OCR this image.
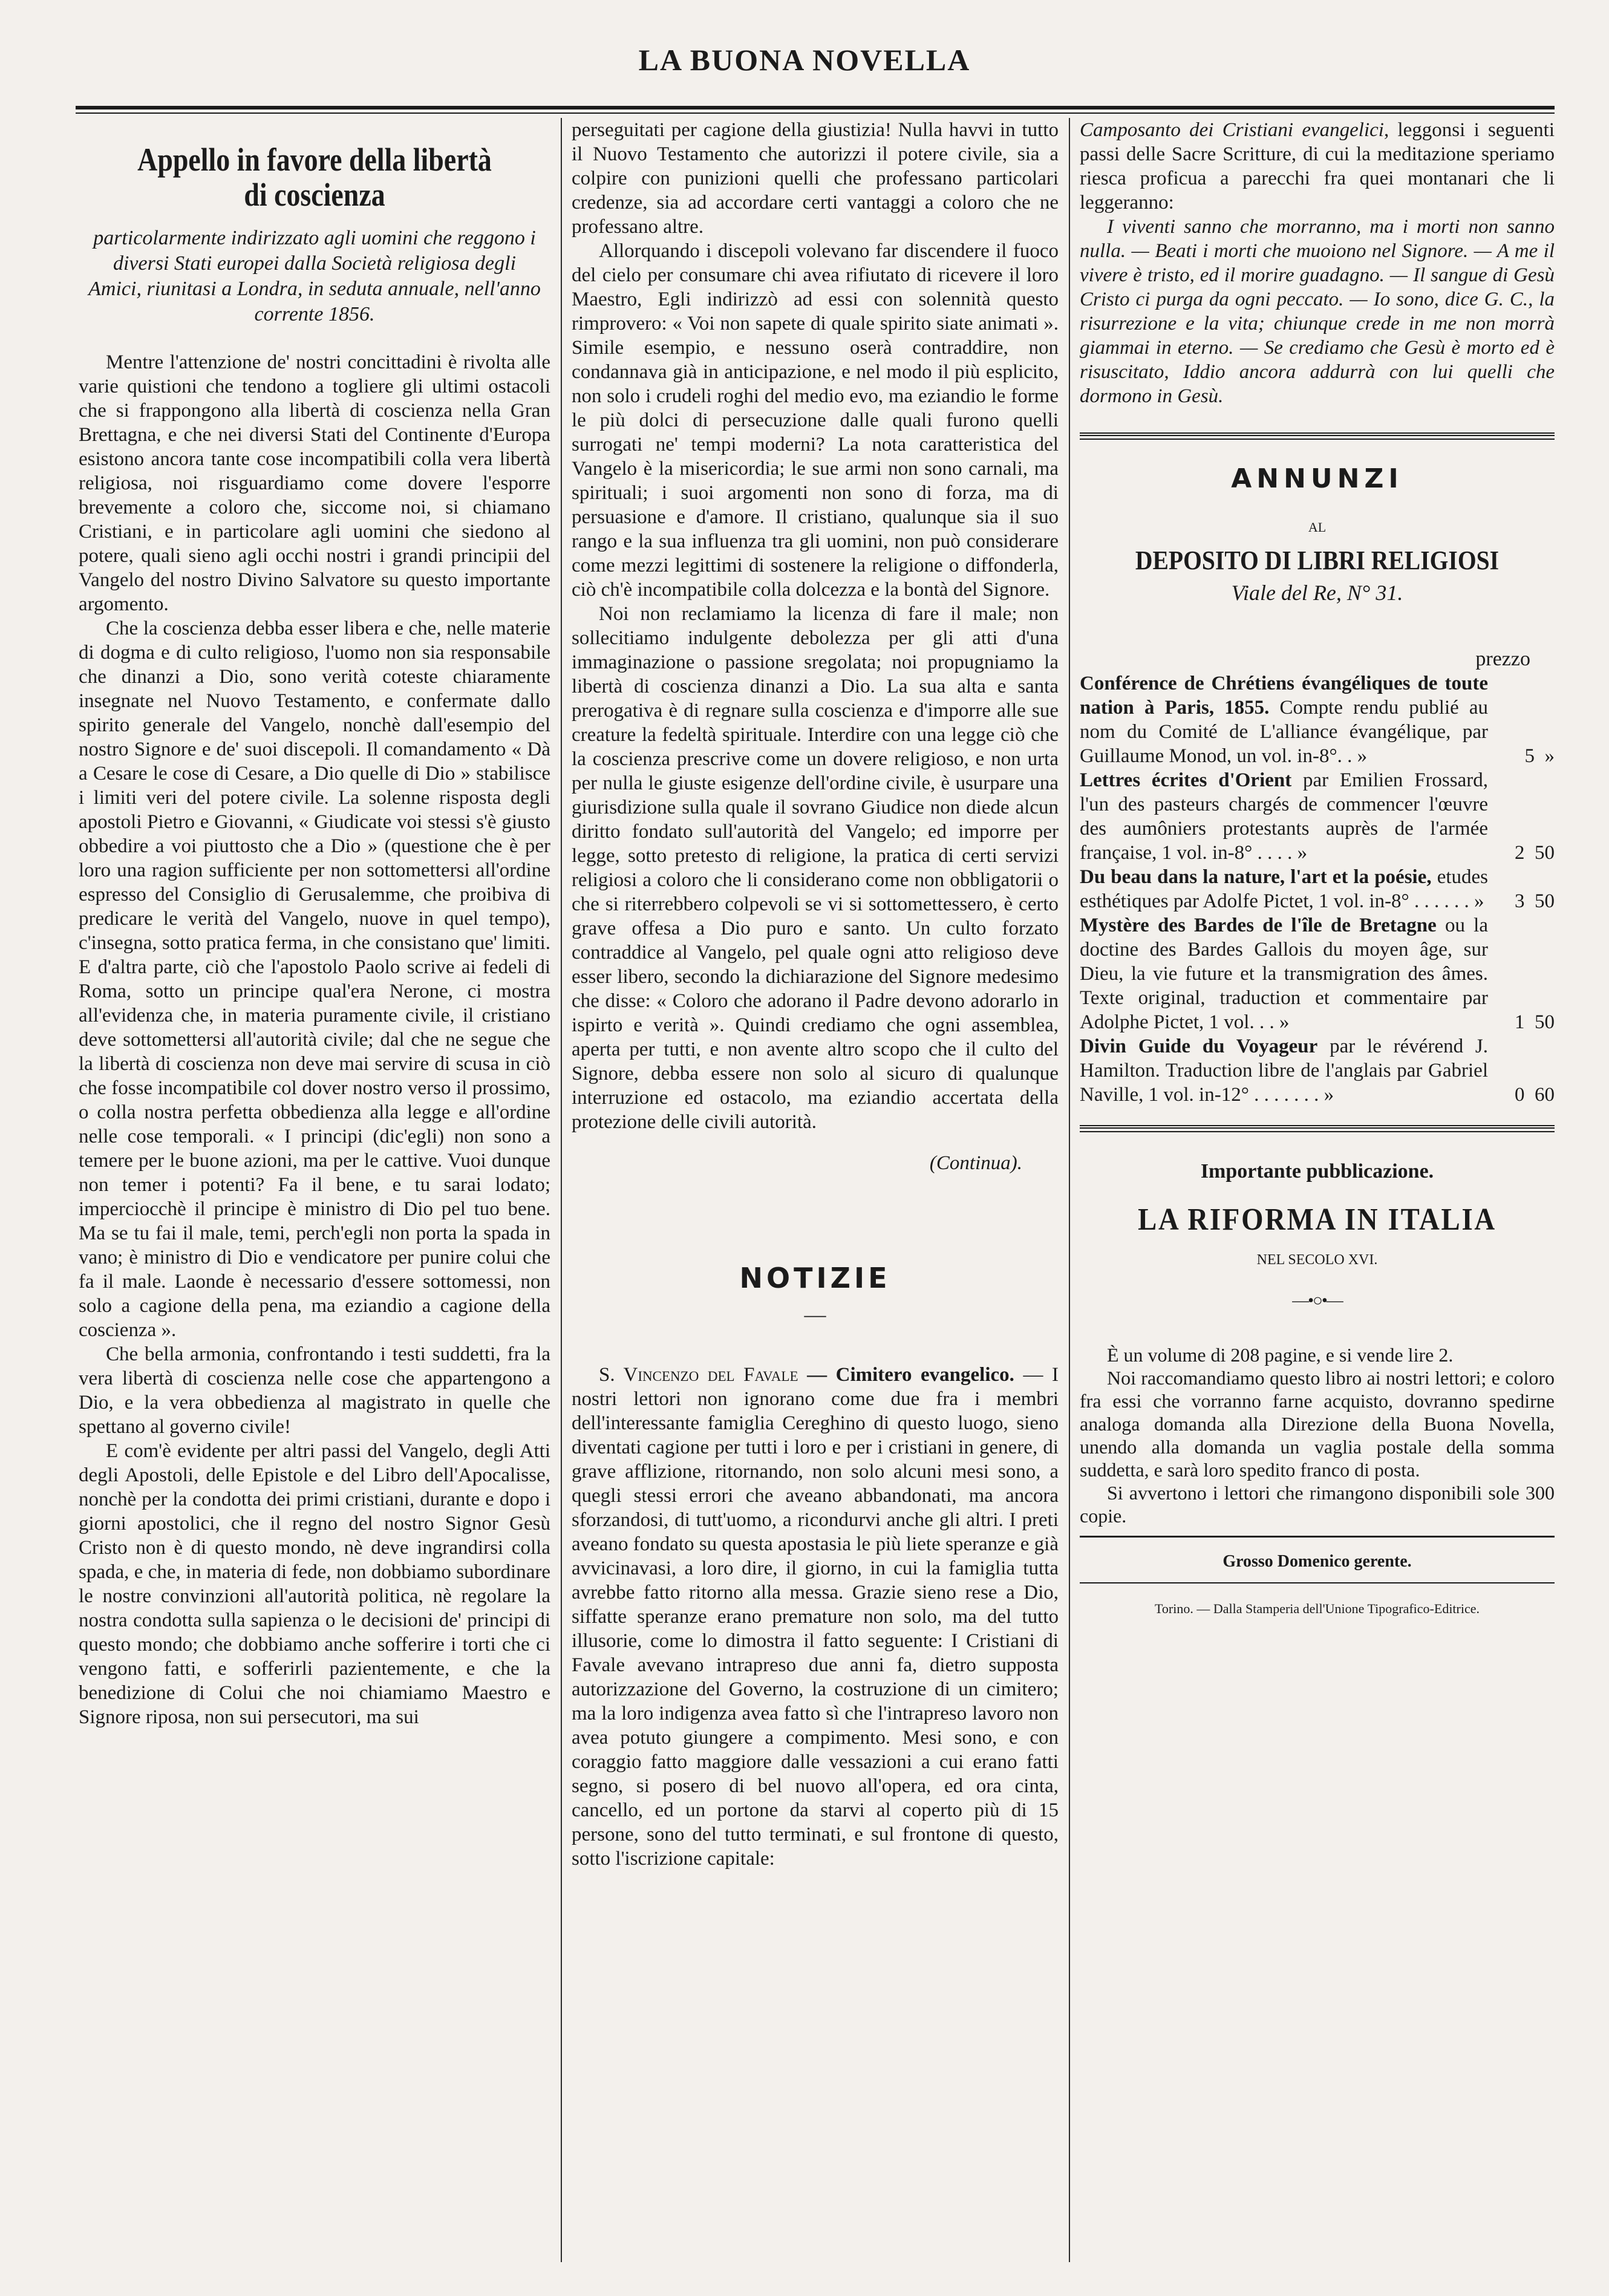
LA BUONA NOVELLA
Appello in favore della libertà
di coscienza
particolarmente indirizzato agli uomini che reggono i diversi Stati europei dalla Società religiosa degli Amici, riunitasi a Londra, in seduta annuale, nell'anno corrente 1856.

Mentre l'attenzione de' nostri concittadini è rivolta alle varie quistioni che tendono a togliere gli ultimi ostacoli che si frappongono alla libertà di coscienza nella Gran Brettagna, e che nei diversi Stati del Continente d'Europa esistono ancora tante cose incompatibili colla vera libertà religiosa, noi risguardiamo come dovere l'esporre brevemente a coloro che, siccome noi, si chiamano Cristiani, e in particolare agli uomini che siedono al potere, quali sieno agli occhi nostri i grandi principii del Vangelo del nostro Divino Salvatore su questo importante argomento.

Che la coscienza debba esser libera e che, nelle materie di dogma e di culto religioso, l'uomo non sia responsabile che dinanzi a Dio, sono verità coteste chiaramente insegnate nel Nuovo Testamento, e confermate dallo spirito generale del Vangelo, nonchè dall'esempio del nostro Signore e de' suoi discepoli. Il comandamento « Dà a Cesare le cose di Cesare, a Dio quelle di Dio » stabilisce i limiti veri del potere civile. La solenne risposta degli apostoli Pietro e Giovanni, « Giudicate voi stessi s'è giusto obbedire a voi piuttosto che a Dio » (questione che è per loro una ragion sufficiente per non sottomettersi all'ordine espresso del Consiglio di Gerusalemme, che proibiva di predicare le verità del Vangelo, nuove in quel tempo), c'insegna, sotto pratica ferma, in che consistano que' limiti. E d'altra parte, ciò che l'apostolo Paolo scrive ai fedeli di Roma, sotto un principe qual'era Nerone, ci mostra all'evidenza che, in materia puramente civile, il cristiano deve sottomettersi all'autorità civile; dal che ne segue che la libertà di coscienza non deve mai servire di scusa in ciò che fosse incompatibile col dover nostro verso il prossimo, o colla nostra perfetta obbedienza alla legge e all'ordine nelle cose temporali. « I principi (dic'egli) non sono a temere per le buone azioni, ma per le cattive. Vuoi dunque non temer i potenti? Fa il bene, e tu sarai lodato; imperciocchè il principe è ministro di Dio pel tuo bene. Ma se tu fai il male, temi, perch'egli non porta la spada in vano; è ministro di Dio e vendicatore per punire colui che fa il male. Laonde è necessario d'essere sottomessi, non solo a cagione della pena, ma eziandio a cagione della coscienza ».

Che bella armonia, confrontando i testi suddetti, fra la vera libertà di coscienza nelle cose che appartengono a Dio, e la vera obbedienza al magistrato in quelle che spettano al governo civile!

E com'è evidente per altri passi del Vangelo, degli Atti degli Apostoli, delle Epistole e del Libro dell'Apocalisse, nonchè per la condotta dei primi cristiani, durante e dopo i giorni apostolici, che il regno del nostro Signor Gesù Cristo non è di questo mondo, nè deve ingrandirsi colla spada, e che, in materia di fede, non dobbiamo subordinare le nostre convinzioni all'autorità politica, nè regolare la nostra condotta sulla sapienza o le decisioni de' principi di questo mondo; che dobbiamo anche sofferire i torti che ci vengono fatti, e sofferirli pazientemente, e che la benedizione di Colui che noi chiamiamo Maestro e Signore riposa, non sui persecutori, ma sui

perseguitati per cagione della giustizia! Nulla havvi in tutto il Nuovo Testamento che autorizzi il potere civile, sia a colpire con punizioni quelli che professano particolari credenze, sia ad accordare certi vantaggi a coloro che ne professano altre.

Allorquando i discepoli volevano far discendere il fuoco del cielo per consumare chi avea rifiutato di ricevere il loro Maestro, Egli indirizzò ad essi con solennità questo rimprovero: « Voi non sapete di quale spirito siate animati ». Simile esempio, e nessuno oserà contraddire, non condannava già in anticipazione, e nel modo il più esplicito, non solo i crudeli roghi del medio evo, ma eziandio le forme le più dolci di persecuzione dalle quali furono quelli surrogati ne' tempi moderni? La nota caratteristica del Vangelo è la misericordia; le sue armi non sono carnali, ma spirituali; i suoi argomenti non sono di forza, ma di persuasione e d'amore. Il cristiano, qualunque sia il suo rango e la sua influenza tra gli uomini, non può considerare come mezzi legittimi di sostenere la religione o diffonderla, ciò ch'è incompatibile colla dolcezza e la bontà del Signore.

Noi non reclamiamo la licenza di fare il male; non sollecitiamo indulgente debolezza per gli atti d'una immaginazione o passione sregolata; noi propugniamo la libertà di coscienza dinanzi a Dio. La sua alta e santa prerogativa è di regnare sulla coscienza e d'imporre alle sue creature la fedeltà spirituale. Interdire con una legge ciò che la coscienza prescrive come un dovere religioso, e non urta per nulla le giuste esigenze dell'ordine civile, è usurpare una giurisdizione sulla quale il sovrano Giudice non diede alcun diritto fondato sull'autorità del Vangelo; ed imporre per legge, sotto pretesto di religione, la pratica di certi servizi religiosi a coloro che li considerano come non obbligatorii o che si riterrebbero colpevoli se vi si sottomettessero, è certo grave offesa a Dio puro e santo. Un culto forzato contraddice al Vangelo, pel quale ogni atto religioso deve esser libero, secondo la dichiarazione del Signore medesimo che disse: « Coloro che adorano il Padre devono adorarlo in ispirto e verità ». Quindi crediamo che ogni assemblea, aperta per tutti, e non avente altro scopo che il culto del Signore, debba essere non solo al sicuro di qualunque interruzione ed ostacolo, ma eziandio accertata della protezione delle civili autorità.

(Continua).
NOTIZIE
—

S. Vincenzo del Favale — Cimitero evangelico. — I nostri lettori non ignorano come due fra i membri dell'interessante famiglia Cereghino di questo luogo, sieno diventati cagione per tutti i loro e per i cristiani in genere, di grave afflizione, ritornando, non solo alcuni mesi sono, a quegli stessi errori che aveano abbandonati, ma ancora sforzandosi, di tutt'uomo, a ricondurvi anche gli altri. I preti aveano fondato su questa apostasia le più liete speranze e già avvicinavasi, a loro dire, il giorno, in cui la famiglia tutta avrebbe fatto ritorno alla messa. Grazie sieno rese a Dio, siffatte speranze erano premature non solo, ma del tutto illusorie, come lo dimostra il fatto seguente: I Cristiani di Favale avevano intrapreso due anni fa, dietro supposta autorizzazione del Governo, la costruzione di un cimitero; ma la loro indigenza avea fatto sì che l'intrapreso lavoro non avea potuto giungere a compimento. Mesi sono, e con coraggio fatto maggiore dalle vessazioni a cui erano fatti segno, si posero di bel nuovo all'opera, ed ora cinta, cancello, ed un portone da starvi al coperto più di 15 persone, sono del tutto terminati, e sul frontone di questo, sotto l'iscrizione capitale:

Camposanto dei Cristiani evangelici, leggonsi i seguenti passi delle Sacre Scritture, di cui la meditazione speriamo riesca proficua a parecchi fra quei montanari che li leggeranno:

I viventi sanno che morranno, ma i morti non sanno nulla. — Beati i morti che muoiono nel Signore. — A me il vivere è tristo, ed il morire guadagno. — Il sangue di Gesù Cristo ci purga da ogni peccato. — Io sono, dice G. C., la risurrezione e la vita; chiunque crede in me non morrà giammai in eterno. — Se crediamo che Gesù è morto ed è risuscitato, Iddio ancora addurrà con lui quelli che dormono in Gesù.

ANNUNZI
AL
DEPOSITO DI LIBRI RELIGIOSI
Viale del Re, N° 31.
prezzo
Conférence de Chrétiens évangéliques de toute nation à Paris, 1855. Compte rendu publié au nom du Comité de L'alliance évangélique, par Guillaume Monod, un vol. in-8°. . »	5  »
Lettres écrites d'Orient par Emilien Frossard, l'un des pasteurs chargés de commencer l'œuvre des aumôniers protestants auprès de l'armée française, 1 vol. in-8° . . . . »	2  50
Du beau dans la nature, l'art et la poésie, etudes esthétiques par Adolfe Pictet, 1 vol. in-8° . . . . . . »	3  50
Mystère des Bardes de l'île de Bretagne ou la doctine des Bardes Gallois du moyen âge, sur Dieu, la vie future et la transmigration des âmes. Texte original, traduction et commentaire par Adolphe Pictet, 1 vol. . . »	1  50
Divin Guide du Voyageur par le révérend J. Hamilton. Traduction libre de l'anglais par Gabriel Naville, 1 vol. in-12° . . . . . . . »	0  60
Importante pubblicazione.
LA RIFORMA IN ITALIA
NEL SECOLO XVI.
—•○•—

È un volume di 208 pagine, e si vende lire 2.

Noi raccomandiamo questo libro ai nostri lettori; e coloro fra essi che vorranno farne acquisto, dovranno spedirne analoga domanda alla Direzione della Buona Novella, unendo alla domanda un vaglia postale della somma suddetta, e sarà loro spedito franco di posta.

Si avvertono i lettori che rimangono disponibili sole 300 copie.

Grosso Domenico gerente.
Torino. — Dalla Stamperia dell'Unione Tipografico-Editrice.
